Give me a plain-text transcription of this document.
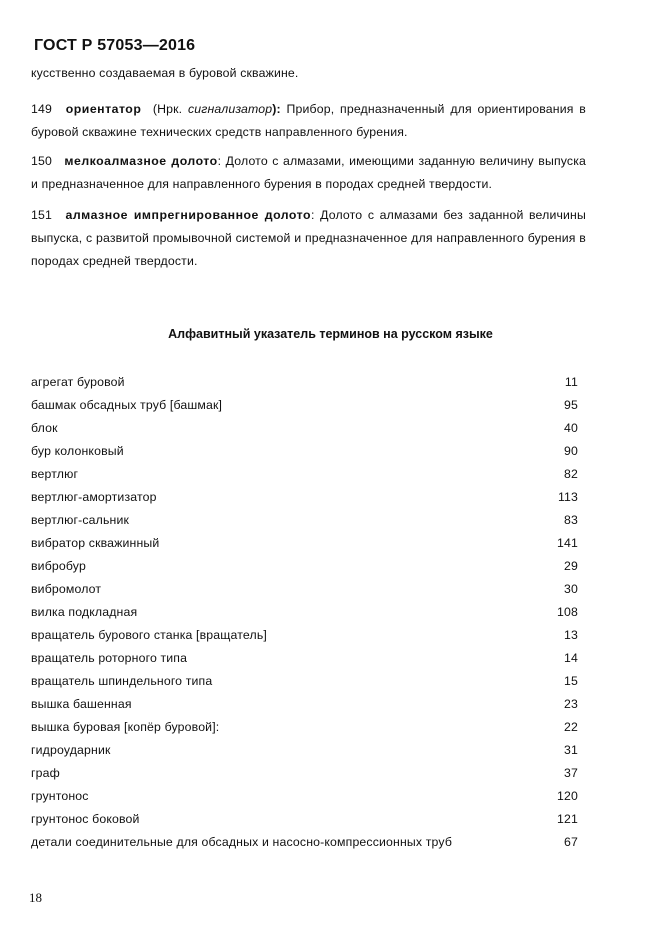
ГОСТ Р 57053—2016
кусственно создаваемая в буровой скважине.
149 ориентатор (Нрк. сигнализатор): Прибор, предназначенный для ориентирования в буровой скважине технических средств направленного бурения.
150 мелкоалмазное долото: Долото с алмазами, имеющими заданную величину выпуска и предназначенное для направленного бурения в породах средней твердости.
151 алмазное импрегнированное долото: Долото с алмазами без заданной величины выпуска, с развитой промывочной системой и предназначенное для направленного бурения в породах средней твердости.
Алфавитный указатель терминов на русском языке
агрегат буровой	11
башмак обсадных труб [башмак]	95
блок	40
бур колонковый	90
вертлюг	82
вертлюг-амортизатор	113
вертлюг-сальник	83
вибратор скважинный	141
вибробур	29
вибромолот	30
вилка подкладная	108
вращатель бурового станка [вращатель]	13
вращатель роторного типа	14
вращатель шпиндельного типа	15
вышка башенная	23
вышка буровая [копёр буровой]:	22
гидроударник	31
граф	37
грунтонос	120
грунтонос боковой	121
детали соединительные для обсадных и насосно-компрессионных труб	67
18
